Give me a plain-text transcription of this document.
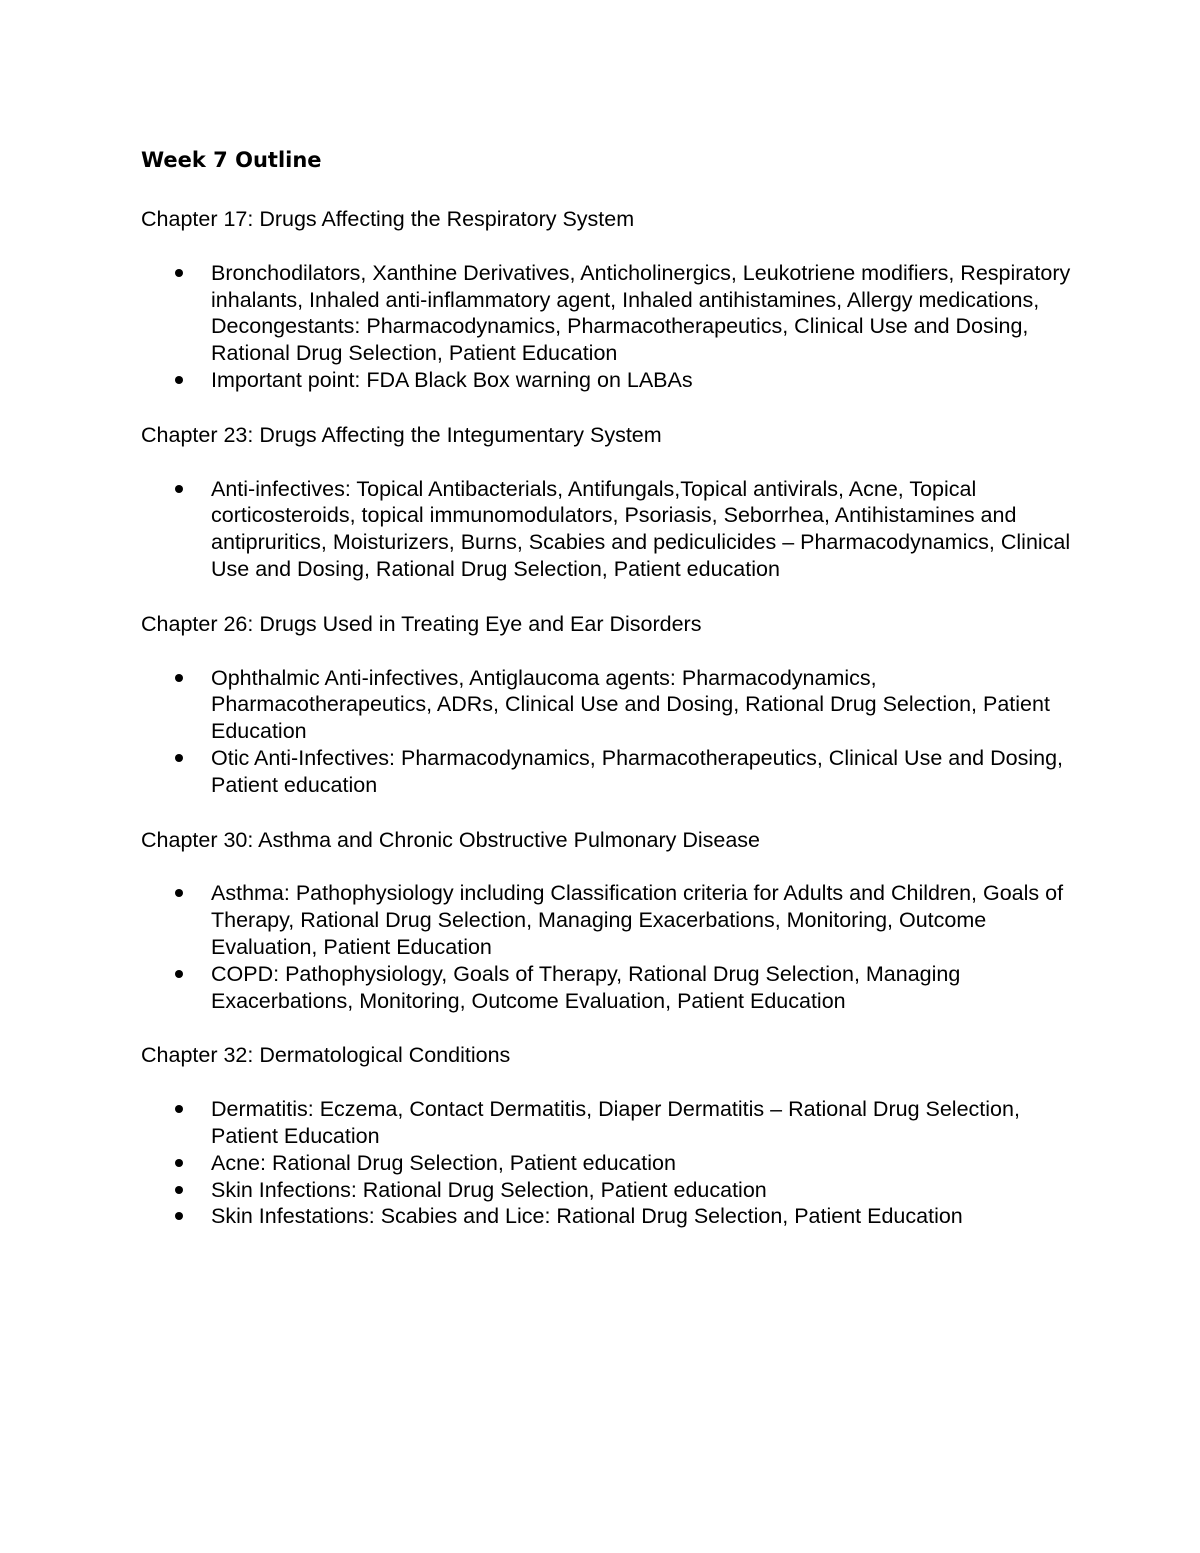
Week 7 Outline
Chapter 17: Drugs Affecting the Respiratory System
Bronchodilators, Xanthine Derivatives, Anticholinergics, Leukotriene modifiers, Respiratory inhalants, Inhaled anti-inflammatory agent, Inhaled antihistamines, Allergy medications, Decongestants: Pharmacodynamics, Pharmacotherapeutics, Clinical Use and Dosing, Rational Drug Selection, Patient Education
Important point: FDA Black Box warning on LABAs
Chapter 23: Drugs Affecting the Integumentary System
Anti-infectives: Topical Antibacterials, Antifungals,Topical antivirals, Acne, Topical corticosteroids, topical immunomodulators, Psoriasis, Seborrhea, Antihistamines and antipruritics, Moisturizers, Burns, Scabies and pediculicides – Pharmacodynamics, Clinical Use and Dosing, Rational Drug Selection, Patient education
Chapter 26: Drugs Used in Treating Eye and Ear Disorders
Ophthalmic Anti-infectives, Antiglaucoma agents: Pharmacodynamics, Pharmacotherapeutics, ADRs, Clinical Use and Dosing, Rational Drug Selection, Patient Education
Otic Anti-Infectives: Pharmacodynamics, Pharmacotherapeutics, Clinical Use and Dosing, Patient education
Chapter 30: Asthma and Chronic Obstructive Pulmonary Disease
Asthma: Pathophysiology including Classification criteria for Adults and Children, Goals of Therapy, Rational Drug Selection, Managing Exacerbations, Monitoring, Outcome Evaluation, Patient Education
COPD: Pathophysiology, Goals of Therapy, Rational Drug Selection, Managing Exacerbations, Monitoring, Outcome Evaluation, Patient Education
Chapter 32: Dermatological Conditions
Dermatitis: Eczema, Contact Dermatitis, Diaper Dermatitis – Rational Drug Selection, Patient Education
Acne: Rational Drug Selection, Patient education
Skin Infections: Rational Drug Selection, Patient education
Skin Infestations: Scabies and Lice: Rational Drug Selection, Patient Education
